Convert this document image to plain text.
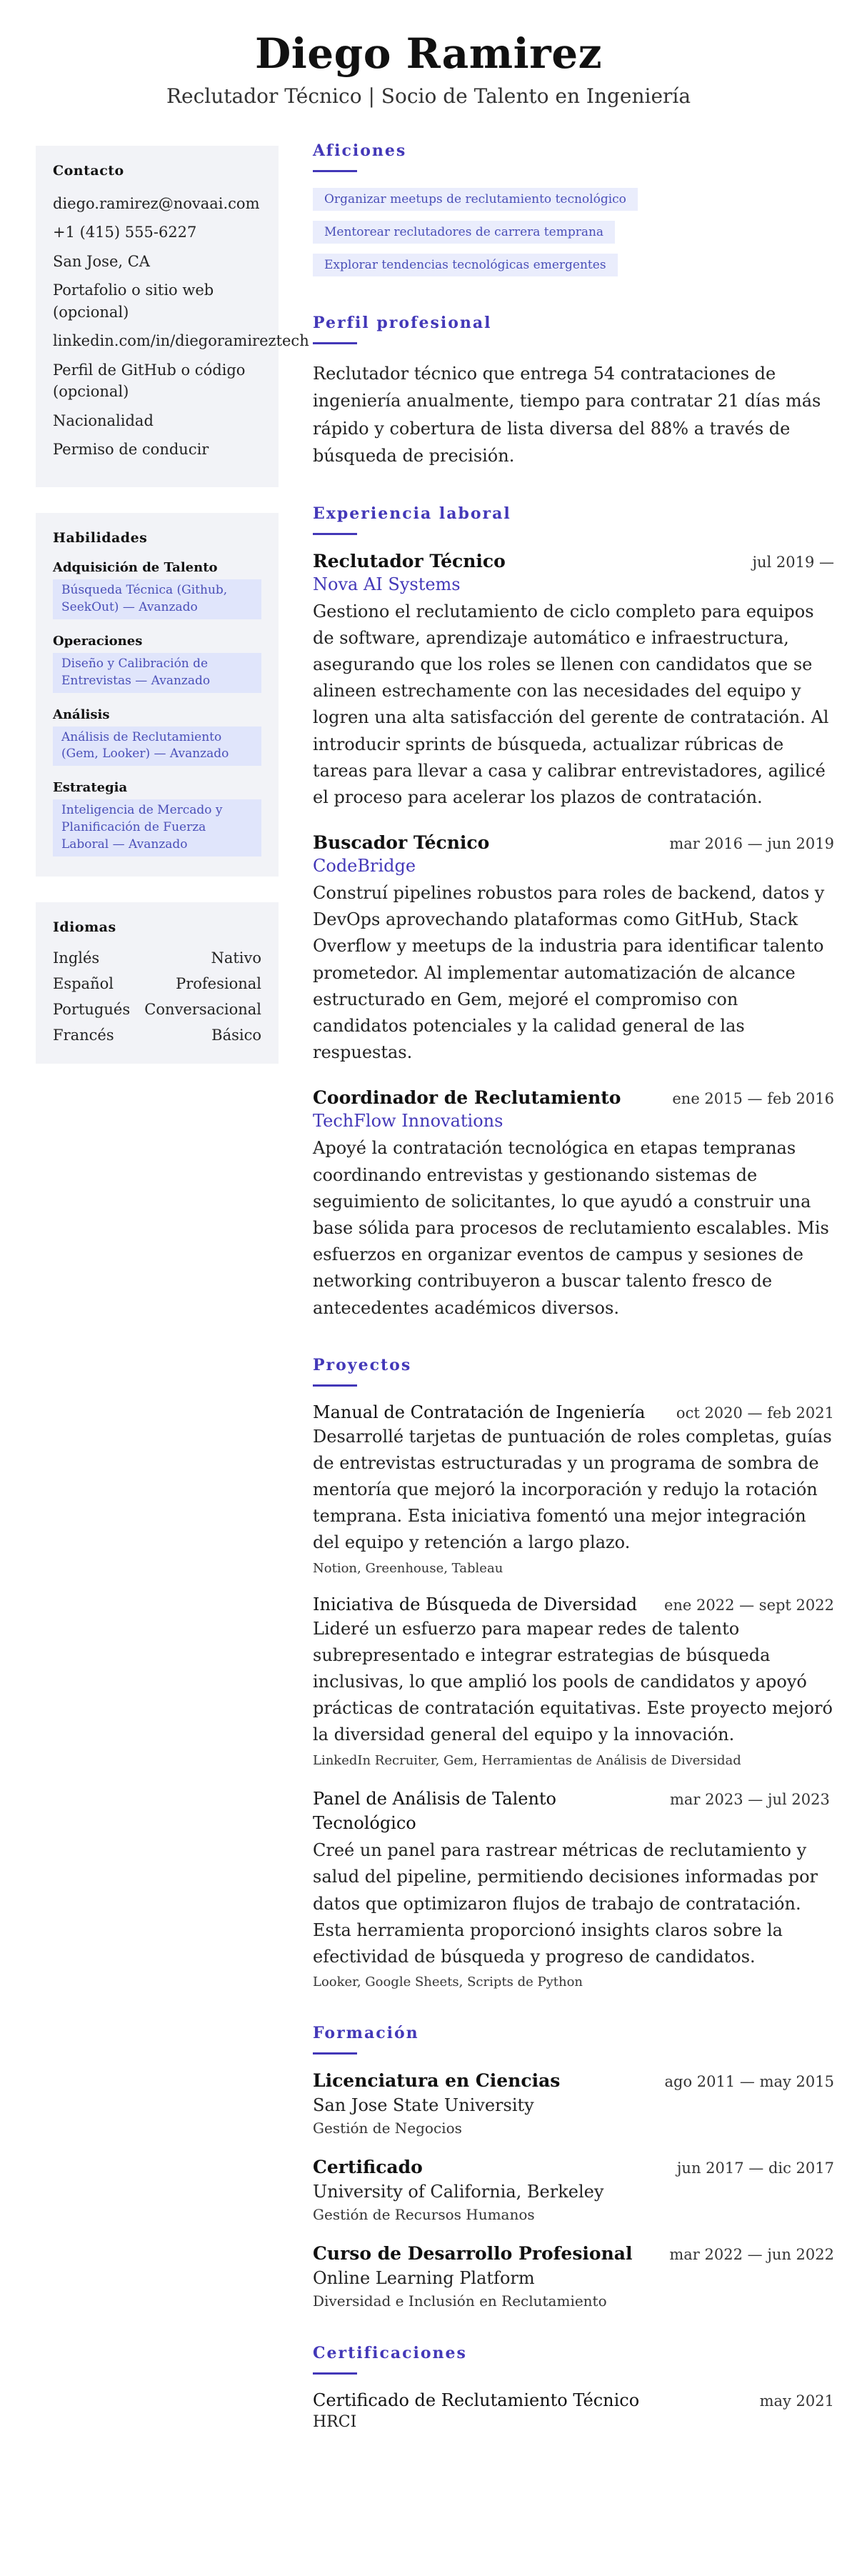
Diego Ramirez
Reclutador Técnico | Socio de Talento en Ingeniería
Contacto
diego.ramirez@novaai.com
+1 (415) 555-6227
San Jose, CA
Portafolio o sitio web (opcional)
linkedin.com/in/diegoramireztech
Perfil de GitHub o código (opcional)
Nacionalidad
Permiso de conducir
Habilidades
Adquisición de Talento
Búsqueda Técnica (Github, SeekOut) — Avanzado
Operaciones
Diseño y Calibración de Entrevistas — Avanzado
Análisis
Análisis de Reclutamiento (Gem, Looker) — Avanzado
Estrategia
Inteligencia de Mercado y Planificación de Fuerza Laboral — Avanzado
Idiomas
Inglés	Nativo
Español	Profesional
Portugués Conversacional
Francés	Básico
Aficiones
Organizar meetups de reclutamiento tecnológico
Mentorear reclutadores de carrera temprana
Explorar tendencias tecnológicas emergentes
Perfil profesional

Reclutador técnico que entrega 54 contrataciones de ingeniería anualmente, tiempo para contratar 21 días más rápido y cobertura de lista diversa del 88% a través de búsqueda de precisión.

Experiencia laboral
Reclutador Técnico	jul 2019 —
Nova AI Systems

Gestiono el reclutamiento de ciclo completo para equipos de software, aprendizaje automático e infraestructura, asegurando que los roles se llenen con candidatos que se alineen estrechamente con las necesidades del equipo y logren una alta satisfacción del gerente de contratación. Al introducir sprints de búsqueda, actualizar rúbricas de tareas para llevar a casa y calibrar entrevistadores, agilicé el proceso para acelerar los plazos de contratación.

Buscador Técnico	mar 2016 — jun 2019
CodeBridge

Construí pipelines robustos para roles de backend, datos y DevOps aprovechando plataformas como GitHub, Stack Overflow y meetups de la industria para identificar talento prometedor. Al implementar automatización de alcance estructurado en Gem, mejoré el compromiso con candidatos potenciales y la calidad general de las respuestas.

Coordinador de Reclutamiento	ene 2015 — feb 2016
TechFlow Innovations

Apoyé la contratación tecnológica en etapas tempranas coordinando entrevistas y gestionando sistemas de seguimiento de solicitantes, lo que ayudó a construir una base sólida para procesos de reclutamiento escalables. Mis esfuerzos en organizar eventos de campus y sesiones de networking contribuyeron a buscar talento fresco de antecedentes académicos diversos.

Proyectos
Manual de Contratación de Ingeniería oct 2020 — feb 2021

Desarrollé tarjetas de puntuación de roles completas, guías de entrevistas estructuradas y un programa de sombra de mentoría que mejoró la incorporación y redujo la rotación temprana. Esta iniciativa fomentó una mejor integración del equipo y retención a largo plazo.

Notion, Greenhouse, Tableau
Iniciativa de Búsqueda de Diversidad ene 2022 — sept 2022

Lideré un esfuerzo para mapear redes de talento subrepresentado e integrar estrategias de búsqueda inclusivas, lo que amplió los pools de candidatos y apoyó prácticas de contratación equitativas. Este proyecto mejoró la diversidad general del equipo y la innovación.

LinkedIn Recruiter, Gem, Herramientas de Análisis de Diversidad
Panel de Análisis de Talento Tecnológico
mar 2023 — jul 2023

Creé un panel para rastrear métricas de reclutamiento y salud del pipeline, permitiendo decisiones informadas por datos que optimizaron flujos de trabajo de contratación. Esta herramienta proporcionó insights claros sobre la efectividad de búsqueda y progreso de candidatos.

Looker, Google Sheets, Scripts de Python
Formación
Licenciatura en Ciencias	ago 2011 — may 2015
San Jose State University
Gestión de Negocios
Certificado	jun 2017 — dic 2017
University of California, Berkeley
Gestión de Recursos Humanos
Curso de Desarrollo Profesional mar 2022 — jun 2022
Online Learning Platform
Diversidad e Inclusión en Reclutamiento
Certificaciones
Certificado de Reclutamiento Técnico	may 2021
HRCI
